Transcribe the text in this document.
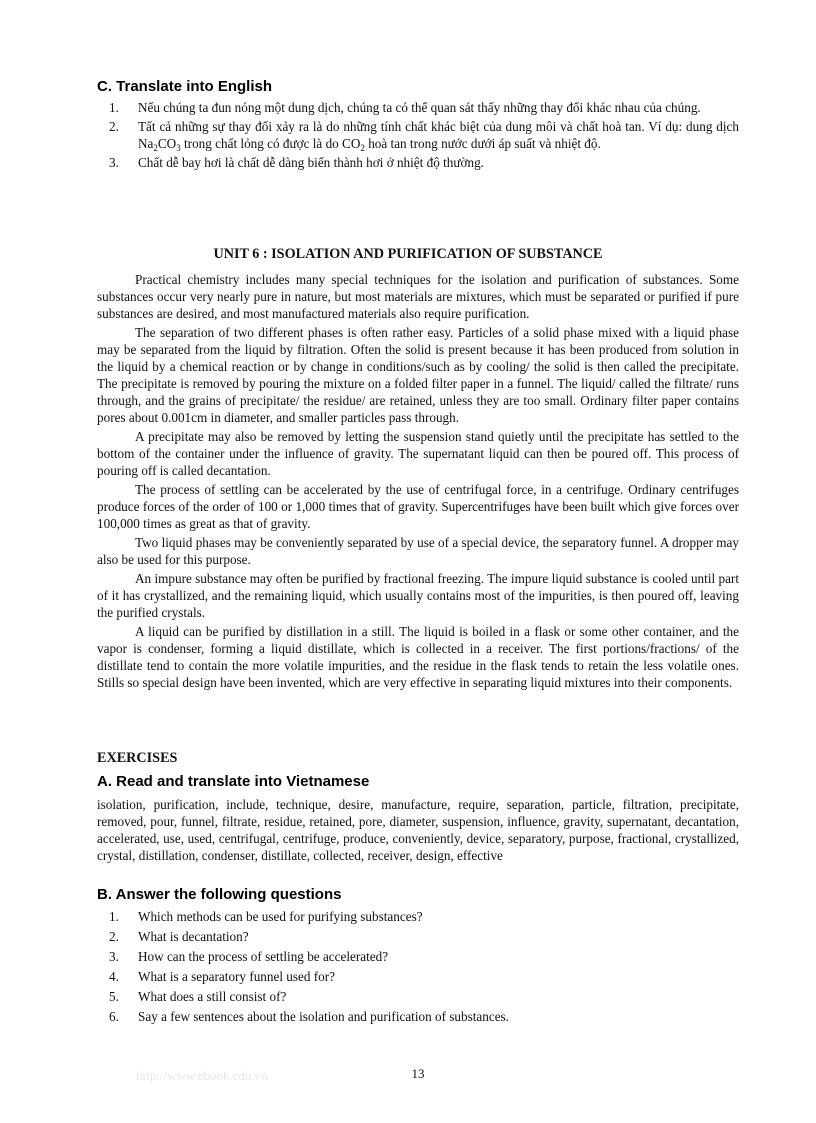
C. Translate into English
1. Nếu chúng ta đun nóng một dung dịch, chúng ta có thể quan sát thấy những thay đổi khác nhau của chúng.
2. Tất cả những sự thay đổi xảy ra là do những tính chất khác biệt của dung môi và chất hoà tan. Ví dụ: dung dịch $Na_2CO_3$ trong chất lỏng có được là do $CO_2$ hoà tan trong nước dưới áp suất và nhiệt độ.
3. Chất dễ bay hơi là chất dễ dàng biến thành hơi ở nhiệt độ thường.
UNIT 6 : ISOLATION AND PURIFICATION OF SUBSTANCE

Practical chemistry includes many special techniques for the isolation and purification of substances. Some substances occur very nearly pure in nature, but most materials are mixtures, which must be separated or purified if pure substances are desired, and most manufactured materials also require purification.

The separation of two different phases is often rather easy. Particles of a solid phase mixed with a liquid phase may be separated from the liquid by filtration. Often the solid is present because it has been produced from solution in the liquid by a chemical reaction or by change in conditions/such as by cooling/ the solid is then called the precipitate. The precipitate is removed by pouring the mixture on a folded filter paper in a funnel. The liquid/ called the filtrate/ runs through, and the grains of precipitate/ the residue/ are retained, unless they are too small. Ordinary filter paper contains pores about 0.001cm in diameter, and smaller particles pass through.

A precipitate may also be removed by letting the suspension stand quietly until the precipitate has settled to the bottom of the container under the influence of gravity. The supernatant liquid can then be poured off. This process of pouring off is called decantation.

The process of settling can be accelerated by the use of centrifugal force, in a centrifuge. Ordinary centrifuges produce forces of the order of 100 or 1,000 times that of gravity. Supercentrifuges have been built which give forces over 100,000 times as great as that of gravity.

Two liquid phases may be conveniently separated by use of a special device, the separatory funnel. A dropper may also be used for this purpose.

An impure substance may often be purified by fractional freezing. The impure liquid substance is cooled until part of it has crystallized, and the remaining liquid, which usually contains most of the impurities, is then poured off, leaving the purified crystals.

A liquid can be purified by distillation in a still. The liquid is boiled in a flask or some other container, and the vapor is condenser, forming a liquid distillate, which is collected in a receiver. The first portions/fractions/ of the distillate tend to contain the more volatile impurities, and the residue in the flask tends to retain the less volatile ones. Stills so special design have been invented, which are very effective in separating liquid mixtures into their components.

EXERCISES
A. Read and translate into Vietnamese

isolation, purification, include, technique, desire, manufacture, require, separation, particle, filtration, precipitate, removed, pour, funnel, filtrate, residue, retained, pore, diameter, suspension, influence, gravity, supernatant, decantation, accelerated, use, used, centrifugal, centrifuge, produce, conveniently, device, separatory, purpose, fractional, crystallized, crystal, distillation, condenser, distillate, collected, receiver, design, effective

B. Answer the following questions
1. Which methods can be used for purifying substances?
2. What is decantation?
3. How can the process of settling be accelerated?
4. What is a separatory funnel used for?
5. What does a still consist of?
6. Say a few sentences about the isolation and purification of substances.
http://www.ebook.edu.vn	13
